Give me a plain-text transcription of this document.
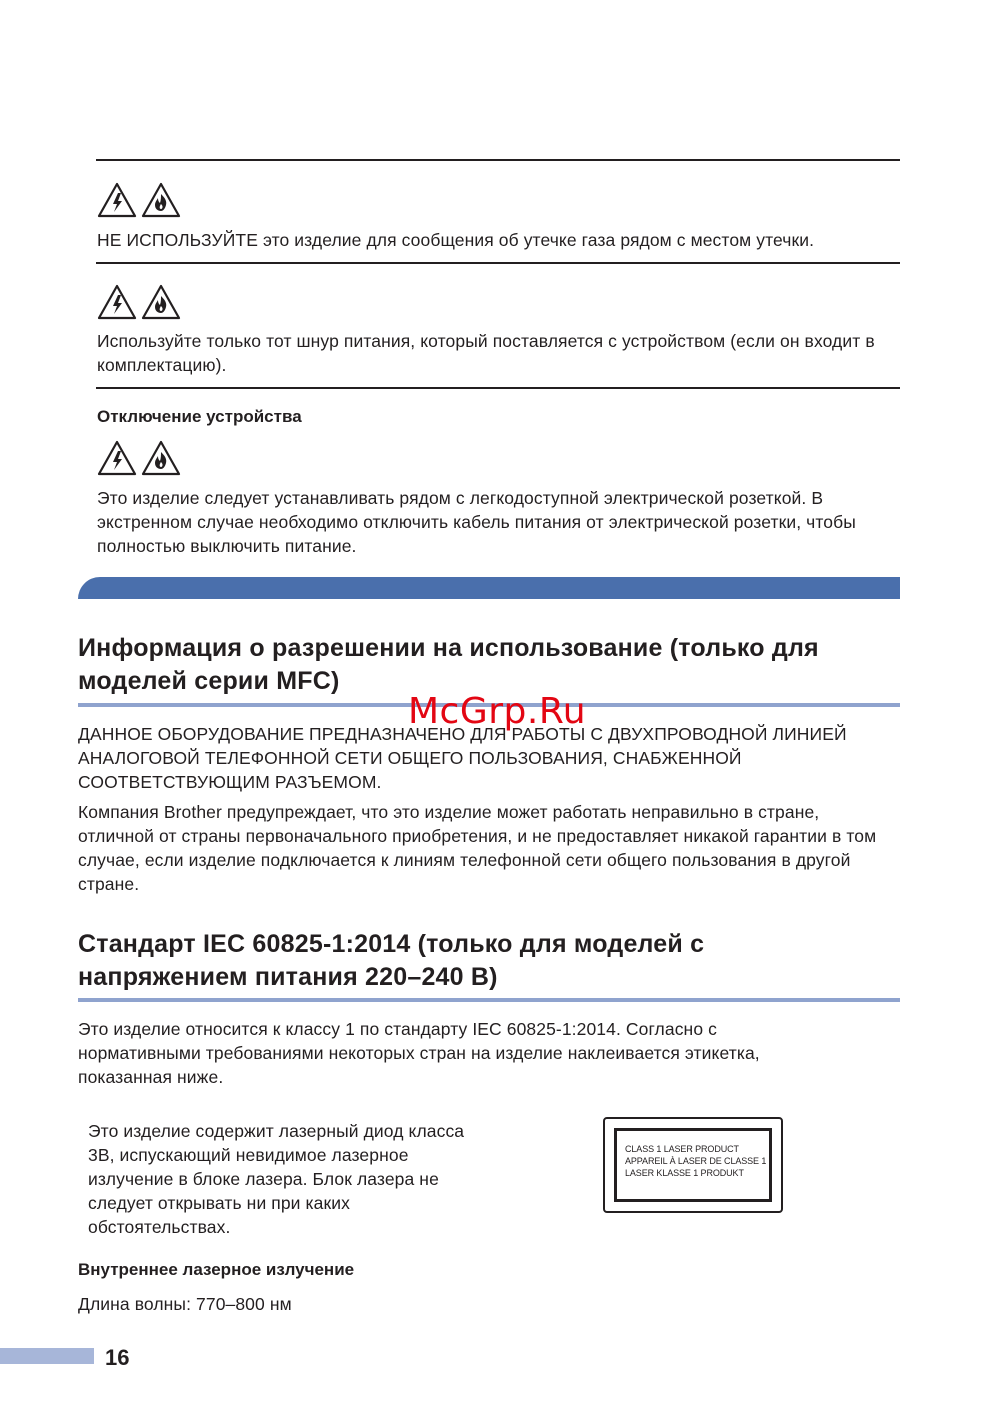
НЕ ИСПОЛЬЗУЙТЕ это изделие для сообщения об утечке газа рядом с местом утечки.
Используйте только тот шнур питания, который поставляется с устройством (если он входит в комплектацию).
Отключение устройства
Это изделие следует устанавливать рядом с легкодоступной электрической розеткой. В экстренном случае необходимо отключить кабель питания от электрической розетки, чтобы полностью выключить питание.
Информация о разрешении на использование (только для моделей серии MFC)
McGrp.Ru
ДАННОЕ ОБОРУДОВАНИЕ ПРЕДНАЗНАЧЕНО ДЛЯ РАБОТЫ С ДВУХПРОВОДНОЙ ЛИНИЕЙ АНАЛОГОВОЙ ТЕЛЕФОННОЙ СЕТИ ОБЩЕГО ПОЛЬЗОВАНИЯ, СНАБЖЕННОЙ СООТВЕТСТВУЮЩИМ РАЗЪЕМОМ.
Компания Brother предупреждает, что это изделие может работать неправильно в стране, отличной от страны первоначального приобретения, и не предоставляет никакой гарантии в том случае, если изделие подключается к линиям телефонной сети общего пользования в другой стране.
Стандарт IEC 60825-1:2014 (только для моделей с напряжением питания 220–240 В)
Это изделие относится к классу 1 по стандарту IEC 60825-1:2014. Согласно с нормативными требованиями некоторых стран на изделие наклеивается этикетка, показанная ниже.
Это изделие содержит лазерный диод класса 3B, испускающий невидимое лазерное излучение в блоке лазера. Блок лазера не следует открывать ни при каких обстоятельствах.
CLASS 1 LASER PRODUCT
APPAREIL À LASER DE CLASSE 1
LASER KLASSE 1 PRODUKT
Внутреннее лазерное излучение
Длина волны: 770–800 нм
16
